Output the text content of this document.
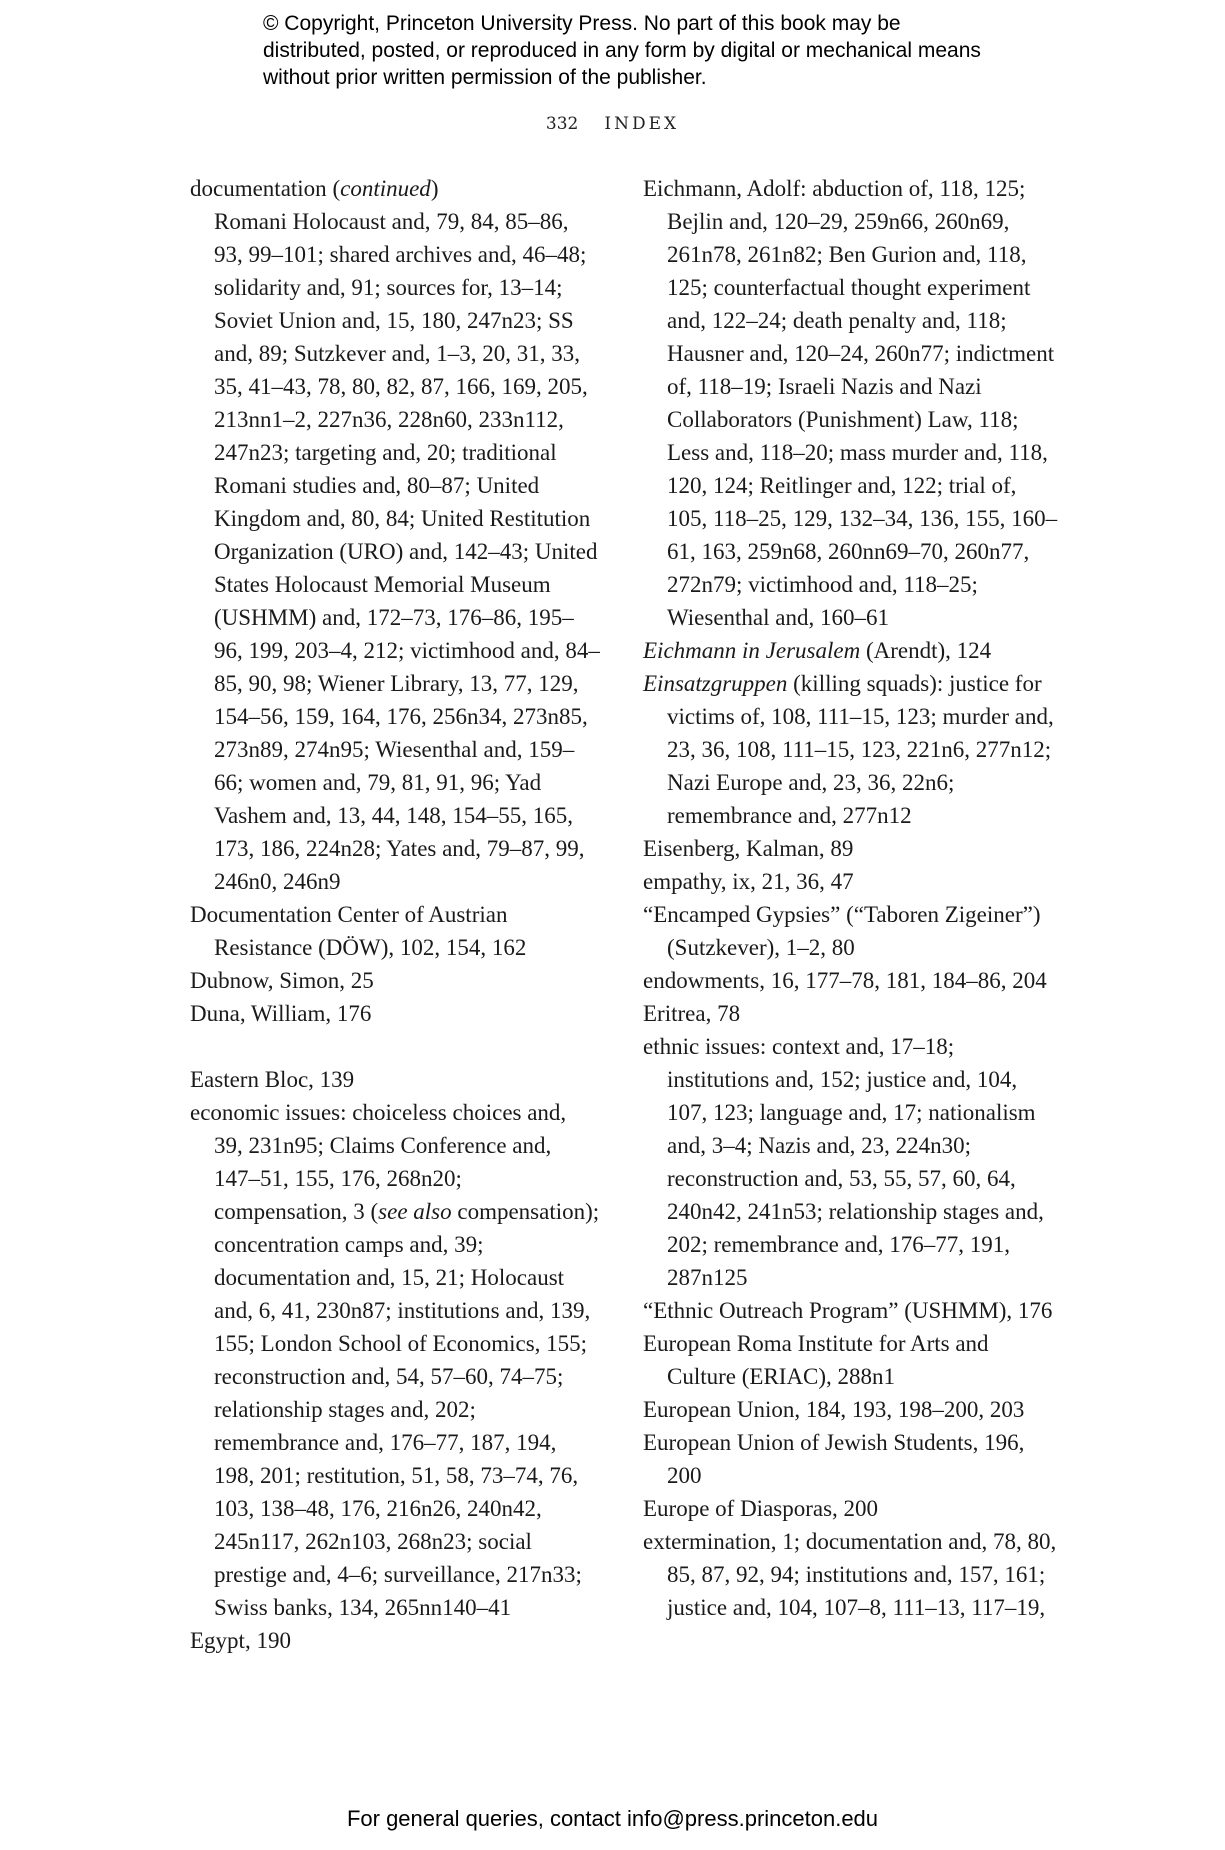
© Copyright, Princeton University Press. No part of this book may be distributed, posted, or reproduced in any form by digital or mechanical means without prior written permission of the publisher.
332 INDEX

documentation (continued)

Romani Holocaust and, 79, 84, 85–86, 93, 99–101; shared archives and, 46–48; solidarity and, 91; sources for, 13–14; Soviet Union and, 15, 180, 247n23; SS and, 89; Sutzkever and, 1–3, 20, 31, 33, 35, 41–43, 78, 80, 82, 87, 166, 169, 205, 213nn1–2, 227n36, 228n60, 233n112, 247n23; targeting and, 20; traditional Romani studies and, 80–87; United Kingdom and, 80, 84; United Restitution Organization (URO) and, 142–43; United States Holocaust Memorial Museum (USHMM) and, 172–73, 176–86, 195–96, 199, 203–4, 212; victimhood and, 84–85, 90, 98; Wiener Library, 13, 77, 129, 154–56, 159, 164, 176, 256n34, 273n85, 273n89, 274n95; Wiesenthal and, 159–66; women and, 79, 81, 91, 96; Yad Vashem and, 13, 44, 148, 154–55, 165, 173, 186, 224n28; Yates and, 79–87, 99, 246n0, 246n9

Documentation Center of Austrian Resistance (DÖW), 102, 154, 162

Dubnow, Simon, 25

Duna, William, 176

Eastern Bloc, 139

economic issues: choiceless choices and, 39, 231n95; Claims Conference and, 147–51, 155, 176, 268n20; compensation, 3 (see also compensation); concentration camps and, 39; documentation and, 15, 21; Holocaust and, 6, 41, 230n87; institutions and, 139, 155; London School of Economics, 155; reconstruction and, 54, 57–60, 74–75; relationship stages and, 202; remembrance and, 176–77, 187, 194, 198, 201; restitution, 51, 58, 73–74, 76, 103, 138–48, 176, 216n26, 240n42, 245n117, 262n103, 268n23; social prestige and, 4–6; surveillance, 217n33; Swiss banks, 134, 265nn140–41

Egypt, 190

Eichmann, Adolf: abduction of, 118, 125; Bejlin and, 120–29, 259n66, 260n69, 261n78, 261n82; Ben Gurion and, 118, 125; counterfactual thought experiment and, 122–24; death penalty and, 118; Hausner and, 120–24, 260n77; indictment of, 118–19; Israeli Nazis and Nazi Collaborators (Punishment) Law, 118; Less and, 118–20; mass murder and, 118, 120, 124; Reitlinger and, 122; trial of, 105, 118–25, 129, 132–34, 136, 155, 160–61, 163, 259n68, 260nn69–70, 260n77, 272n79; victimhood and, 118–25; Wiesenthal and, 160–61

Eichmann in Jerusalem (Arendt), 124

Einsatzgruppen (killing squads): justice for victims of, 108, 111–15, 123; murder and, 23, 36, 108, 111–15, 123, 221n6, 277n12; Nazi Europe and, 23, 36, 22n6; remembrance and, 277n12

Eisenberg, Kalman, 89

empathy, ix, 21, 36, 47

“Encamped Gypsies” (“Taboren Zigeiner”) (Sutzkever), 1–2, 80

endowments, 16, 177–78, 181, 184–86, 204

Eritrea, 78

ethnic issues: context and, 17–18; institutions and, 152; justice and, 104, 107, 123; language and, 17; nationalism and, 3–4; Nazis and, 23, 224n30; reconstruction and, 53, 55, 57, 60, 64, 240n42, 241n53; relationship stages and, 202; remembrance and, 176–77, 191, 287n125

“Ethnic Outreach Program” (USHMM), 176

European Roma Institute for Arts and Culture (ERIAC), 288n1

European Union, 184, 193, 198–200, 203

European Union of Jewish Students, 196, 200

Europe of Diasporas, 200

extermination, 1; documentation and, 78, 80, 85, 87, 92, 94; institutions and, 157, 161; justice and, 104, 107–8, 111–13, 117–19,

For general queries, contact info@press.princeton.edu
